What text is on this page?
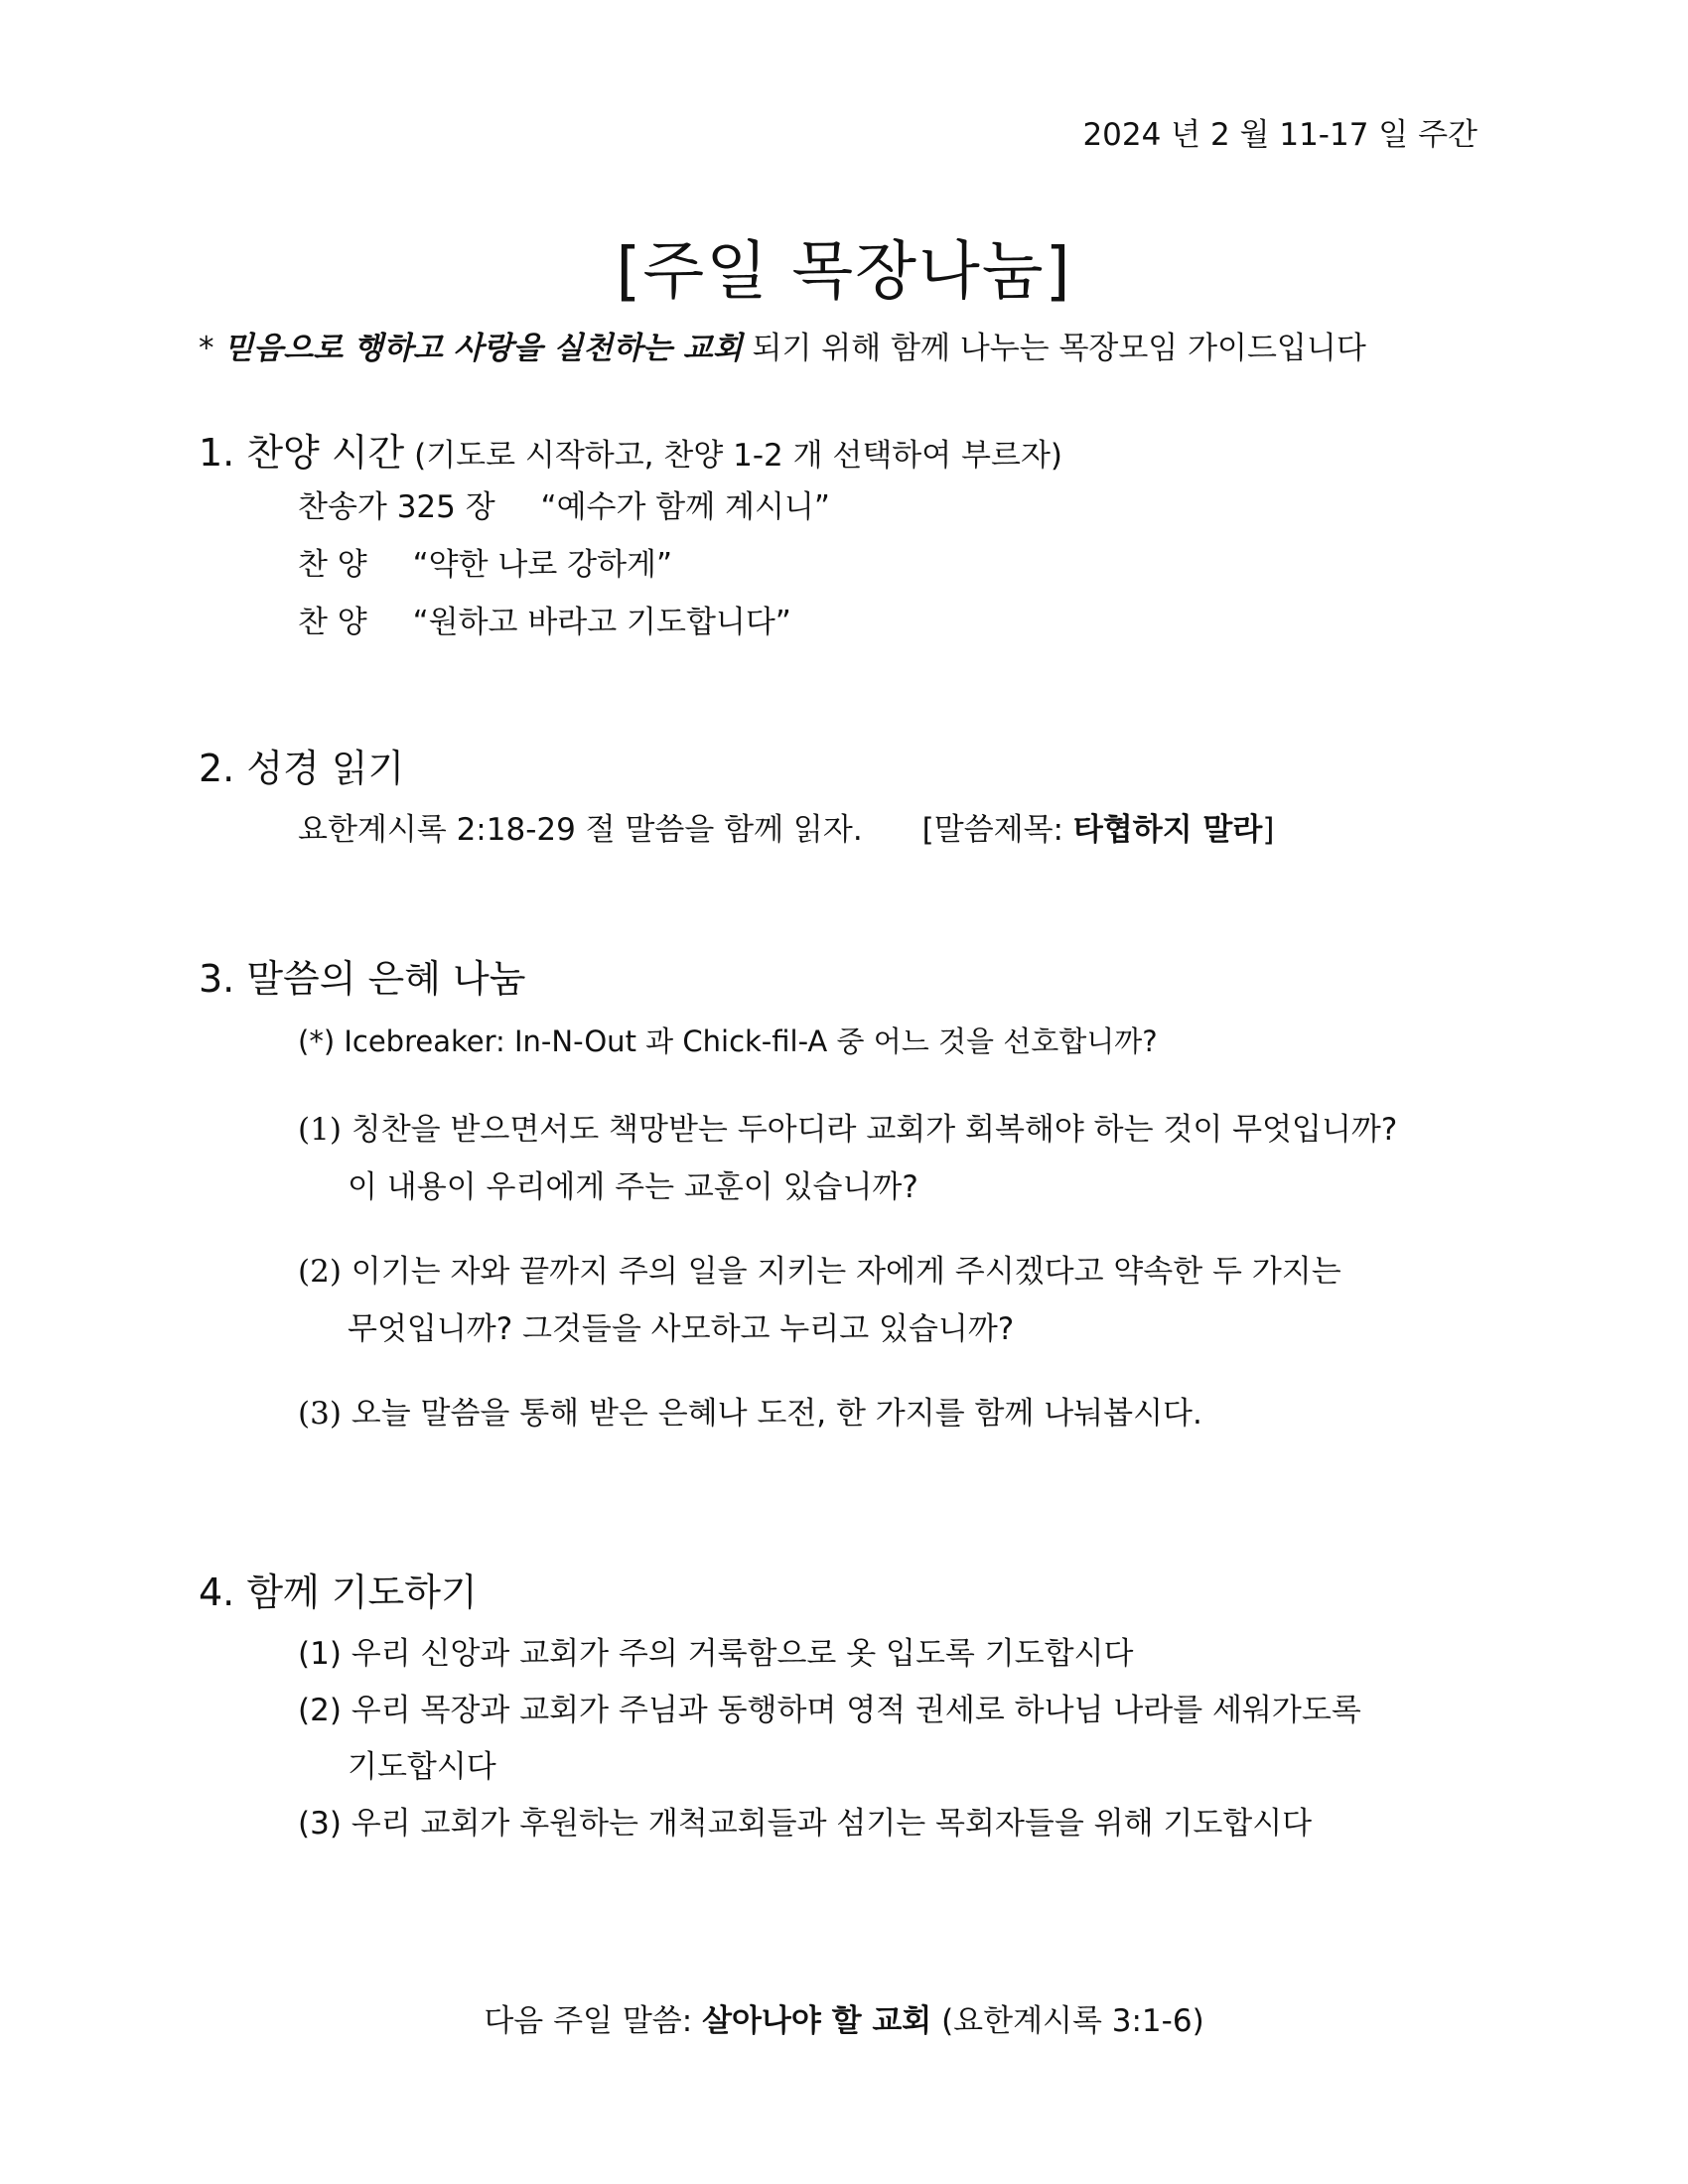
2024 년 2 월 11-17 일 주간
[주일 목장나눔]
* 믿음으로 행하고 사랑을 실천하는 교회 되기 위해 함께 나누는 목장모임 가이드입니다
1. 찬양 시간 (기도로 시작하고, 찬양 1-2 개 선택하여 부르자)
찬송가 325 장 “예수가 함께 계시니”
찬 양 “약한 나로 강하게”
찬 양 “원하고 바라고 기도합니다”
2. 성경 읽기
요한계시록 2:18-29 절 말씀을 함께 읽자. [말씀제목: 타협하지 말라]
3. 말씀의 은혜 나눔
(*) Icebreaker: In-N-Out 과 Chick-fil-A 중 어느 것을 선호합니까?
(1) 칭찬을 받으면서도 책망받는 두아디라 교회가 회복해야 하는 것이 무엇입니까?
이 내용이 우리에게 주는 교훈이 있습니까?
(2) 이기는 자와 끝까지 주의 일을 지키는 자에게 주시겠다고 약속한 두 가지는
무엇입니까? 그것들을 사모하고 누리고 있습니까?
(3) 오늘 말씀을 통해 받은 은혜나 도전, 한 가지를 함께 나눠봅시다.
4. 함께 기도하기
(1) 우리 신앙과 교회가 주의 거룩함으로 옷 입도록 기도합시다
(2) 우리 목장과 교회가 주님과 동행하며 영적 권세로 하나님 나라를 세워가도록
기도합시다
(3) 우리 교회가 후원하는 개척교회들과 섬기는 목회자들을 위해 기도합시다
다음 주일 말씀: 살아나야 할 교회 (요한계시록 3:1-6)
